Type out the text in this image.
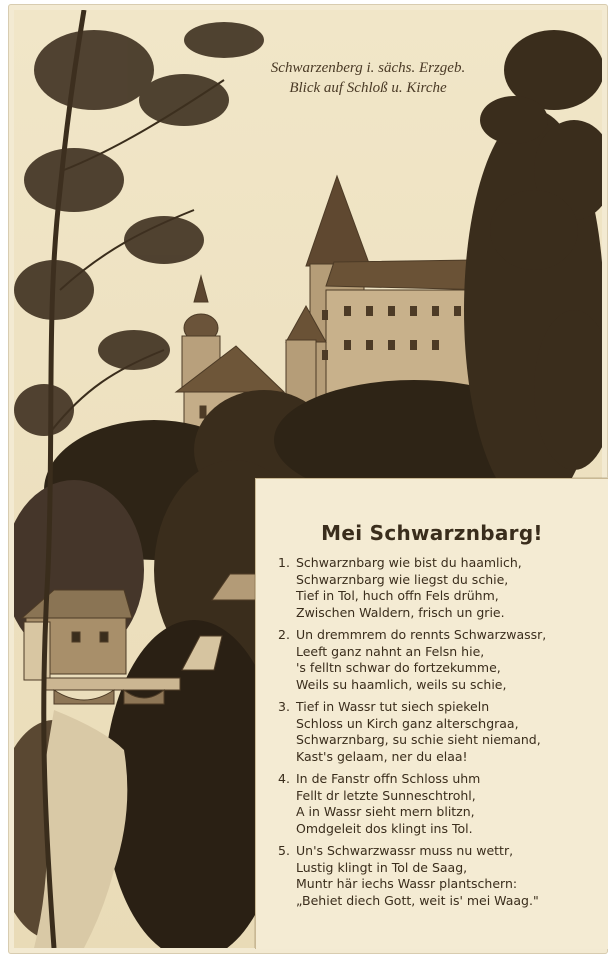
Schwarzenberg i. sächs. Erzgeb.
Blick auf Schloß u. Kirche
Mei Schwarznbarg!
1. Schwarznbarg wie bist du haamlich,
Schwarznbarg wie liegst du schie,
Tief in Tol, huch offn Fels drühm,
Zwischen Waldern, frisch un grie.
2. Un dremmrem do rennts Schwarzwassr,
Leeft ganz nahnt an Felsn hie,
's felltn schwar do fortzekumme,
Weils su haamlich, weils su schie,
3. Tief in Wassr tut siech spiekeln
Schloss un Kirch ganz alterschgraa,
Schwarznbarg, su schie sieht niemand,
Kast's gelaam, ner du elaa!
4. In de Fanstr offn Schloss uhm
Fellt dr letzte Sunneschtrohl,
A in Wassr sieht mern blitzn,
Omdgeleit dos klingt ins Tol.
5. Un's Schwarzwassr muss nu wettr,
Lustig klingt in Tol de Saag,
Muntr här iechs Wassr plantschern:
„Behiet diech Gott, weit is' mei Waag."
